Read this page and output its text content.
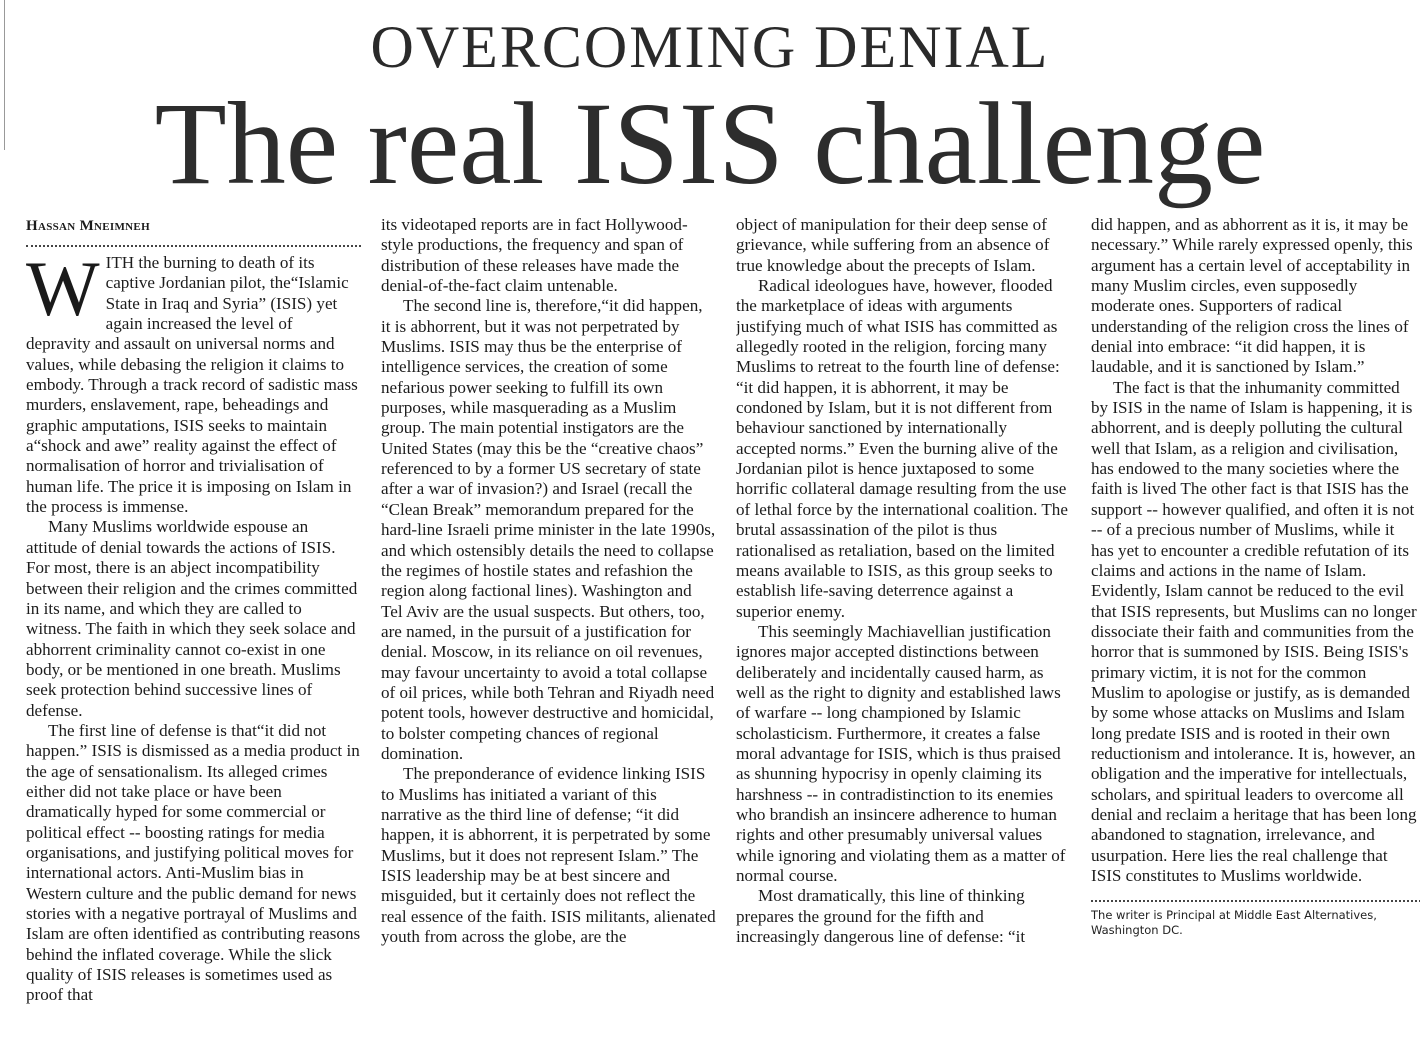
OVERCOMING DENIAL
The real ISIS challenge
Hassan Mneimneh

WITH the burning to death of its captive Jordanian pilot, the“Islamic State in Iraq and Syria” (ISIS) yet again increased the level of depravity and assault on universal norms and values, while debasing the religion it claims to embody. Through a track record of sadistic mass murders, enslavement, rape, beheadings and graphic amputations, ISIS seeks to maintain a“shock and awe” reality against the effect of normalisation of horror and trivialisation of human life. The price it is imposing on Islam in the process is immense.

Many Muslims worldwide espouse an attitude of denial towards the actions of ISIS. For most, there is an abject incompatibility between their religion and the crimes committed in its name, and which they are called to witness. The faith in which they seek solace and abhorrent criminality cannot co-exist in one body, or be mentioned in one breath. Muslims seek protection behind successive lines of defense.

The first line of defense is that“it did not happen.” ISIS is dismissed as a media product in the age of sensationalism. Its alleged crimes either did not take place or have been dramatically hyped for some commercial or political effect -- boosting ratings for media organisations, and justifying political moves for international actors. Anti-Muslim bias in Western culture and the public demand for news stories with a negative portrayal of Muslims and Islam are often identified as contributing reasons behind the inflated coverage. While the slick quality of ISIS releases is sometimes used as proof that

its videotaped reports are in fact Hollywood-style productions, the frequency and span of distribution of these releases have made the denial-of-the-fact claim untenable.

The second line is, therefore,“it did happen, it is abhorrent, but it was not perpetrated by Muslims. ISIS may thus be the enterprise of intelligence services, the creation of some nefarious power seeking to fulfill its own purposes, while masquerading as a Muslim group. The main potential instigators are the United States (may this be the “creative chaos” referenced to by a former US secretary of state after a war of invasion?) and Israel (recall the “Clean Break” memorandum prepared for the hard-line Israeli prime minister in the late 1990s, and which ostensibly details the need to collapse the regimes of hostile states and refashion the region along factional lines). Washington and Tel Aviv are the usual suspects. But others, too, are named, in the pursuit of a justification for denial. Moscow, in its reliance on oil revenues, may favour uncertainty to avoid a total collapse of oil prices, while both Tehran and Riyadh need potent tools, however destructive and homicidal, to bolster competing chances of regional domination.

The preponderance of evidence linking ISIS to Muslims has initiated a variant of this narrative as the third line of defense; “it did happen, it is abhorrent, it is perpetrated by some Muslims, but it does not represent Islam.” The ISIS leadership may be at best sincere and misguided, but it certainly does not reflect the real essence of the faith. ISIS militants, alienated youth from across the globe, are the

object of manipulation for their deep sense of grievance, while suffering from an absence of true knowledge about the precepts of Islam.

Radical ideologues have, however, flooded the marketplace of ideas with arguments justifying much of what ISIS has committed as allegedly rooted in the religion, forcing many Muslims to retreat to the fourth line of defense: “it did happen, it is abhorrent, it may be condoned by Islam, but it is not different from behaviour sanctioned by internationally accepted norms.” Even the burning alive of the Jordanian pilot is hence juxtaposed to some horrific collateral damage resulting from the use of lethal force by the international coalition. The brutal assassination of the pilot is thus rationalised as retaliation, based on the limited means available to ISIS, as this group seeks to establish life-saving deterrence against a superior enemy.

This seemingly Machiavellian justification ignores major accepted distinctions between deliberately and incidentally caused harm, as well as the right to dignity and established laws of warfare -- long championed by Islamic scholasticism. Furthermore, it creates a false moral advantage for ISIS, which is thus praised as shunning hypocrisy in openly claiming its harshness -- in contradistinction to its enemies who brandish an insincere adherence to human rights and other presumably universal values while ignoring and violating them as a matter of normal course.

Most dramatically, this line of thinking prepares the ground for the fifth and increasingly dangerous line of defense: “it

did happen, and as abhorrent as it is, it may be necessary.” While rarely expressed openly, this argument has a certain level of acceptability in many Muslim circles, even supposedly moderate ones. Supporters of radical understanding of the religion cross the lines of denial into embrace: “it did happen, it is laudable, and it is sanctioned by Islam.”

The fact is that the inhumanity committed by ISIS in the name of Islam is happening, it is abhorrent, and is deeply polluting the cultural well that Islam, as a religion and civilisation, has endowed to the many societies where the faith is lived The other fact is that ISIS has the support -- however qualified, and often it is not -- of a precious number of Muslims, while it has yet to encounter a credible refutation of its claims and actions in the name of Islam. Evidently, Islam cannot be reduced to the evil that ISIS represents, but Muslims can no longer dissociate their faith and communities from the horror that is summoned by ISIS. Being ISIS's primary victim, it is not for the common Muslim to apologise or justify, as is demanded by some whose attacks on Muslims and Islam long predate ISIS and is rooted in their own reductionism and intolerance. It is, however, an obligation and the imperative for intellectuals, scholars, and spiritual leaders to overcome all denial and reclaim a heritage that has been long abandoned to stagnation, irrelevance, and usurpation. Here lies the real challenge that ISIS constitutes to Muslims worldwide.

The writer is Principal at Middle East Alternatives, Washington DC.
